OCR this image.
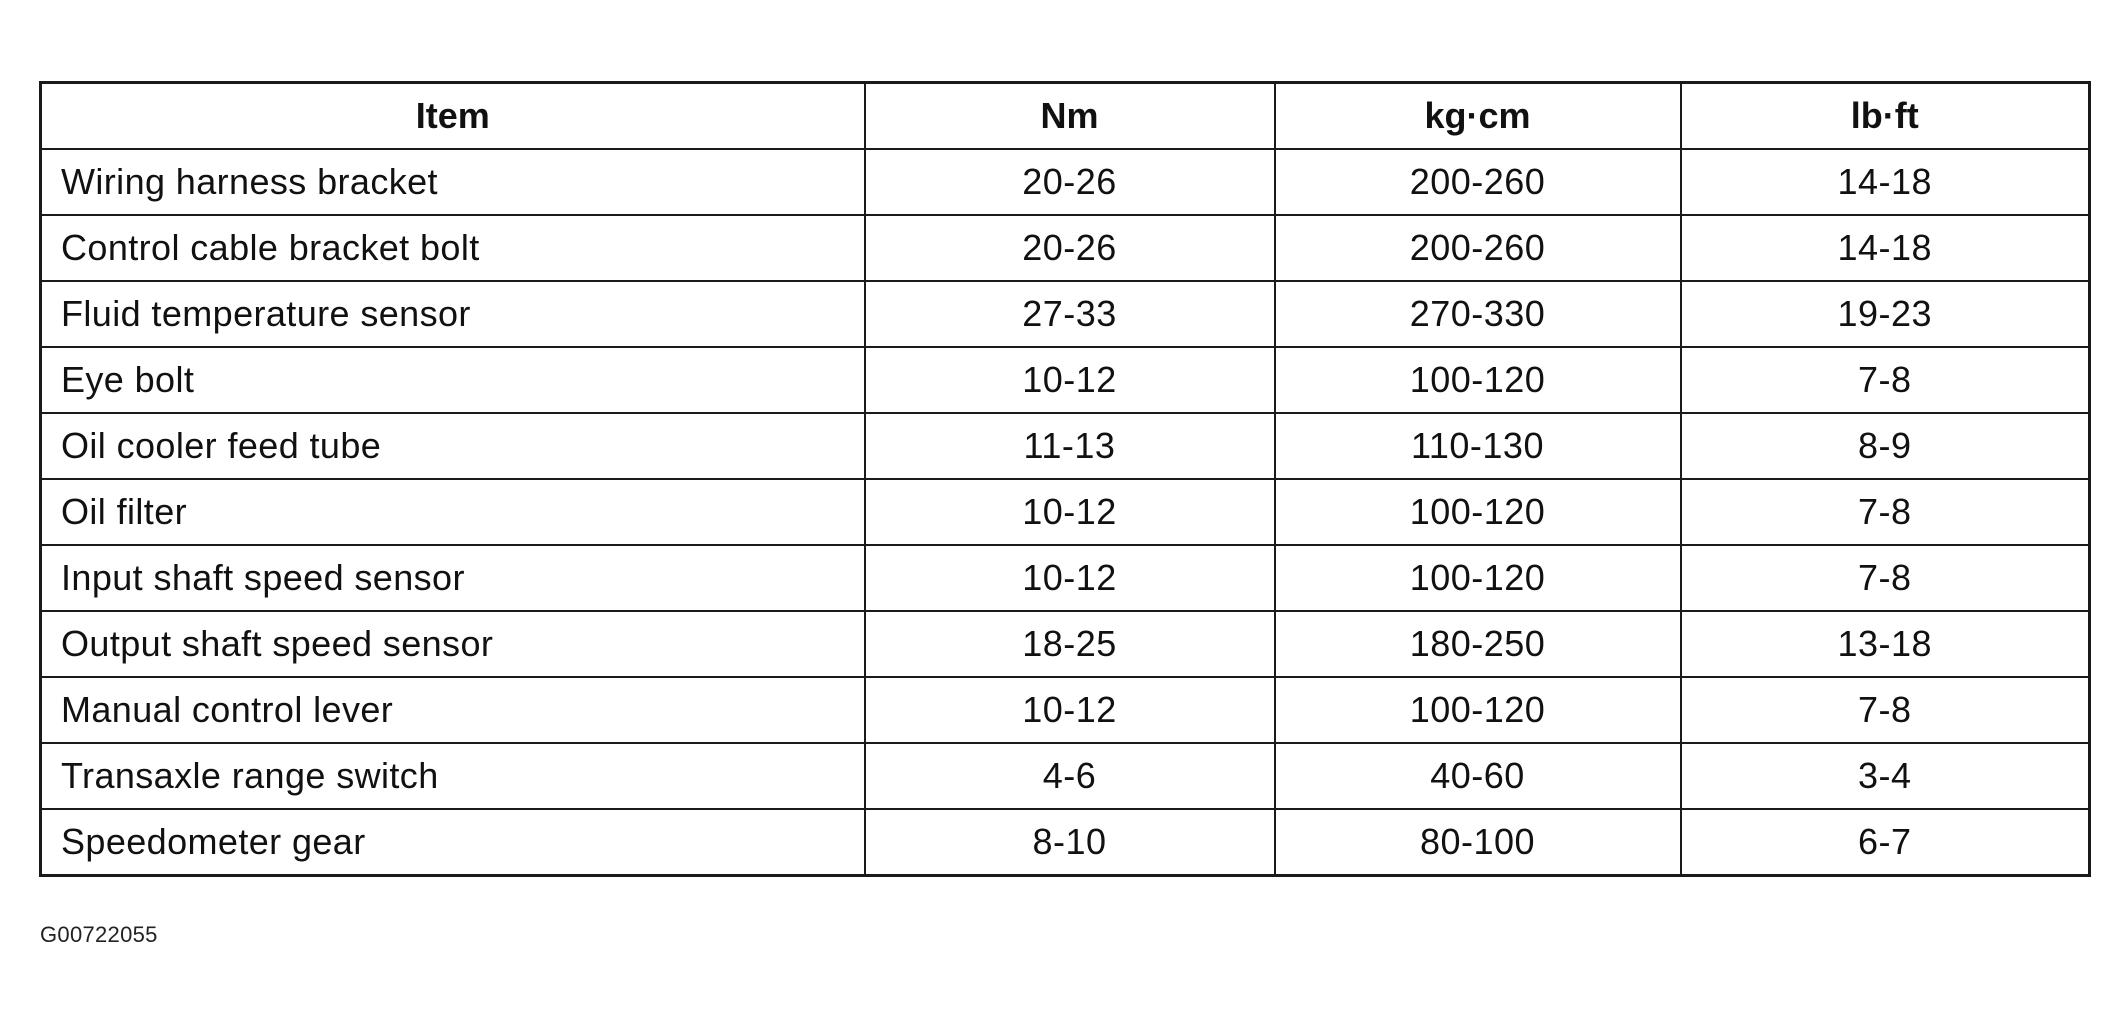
Item	Nm	kg·cm	lb·ft
Wiring harness bracket	20-26	200-260	14-18
Control cable bracket bolt	20-26	200-260	14-18
Fluid temperature sensor	27-33	270-330	19-23
Eye bolt	10-12	100-120	7-8
Oil cooler feed tube	11-13	110-130	8-9
Oil filter	10-12	100-120	7-8
Input shaft speed sensor	10-12	100-120	7-8
Output shaft speed sensor	18-25	180-250	13-18
Manual control lever	10-12	100-120	7-8
Transaxle range switch	4-6	40-60	3-4
Speedometer gear	8-10	80-100	6-7
G00722055
